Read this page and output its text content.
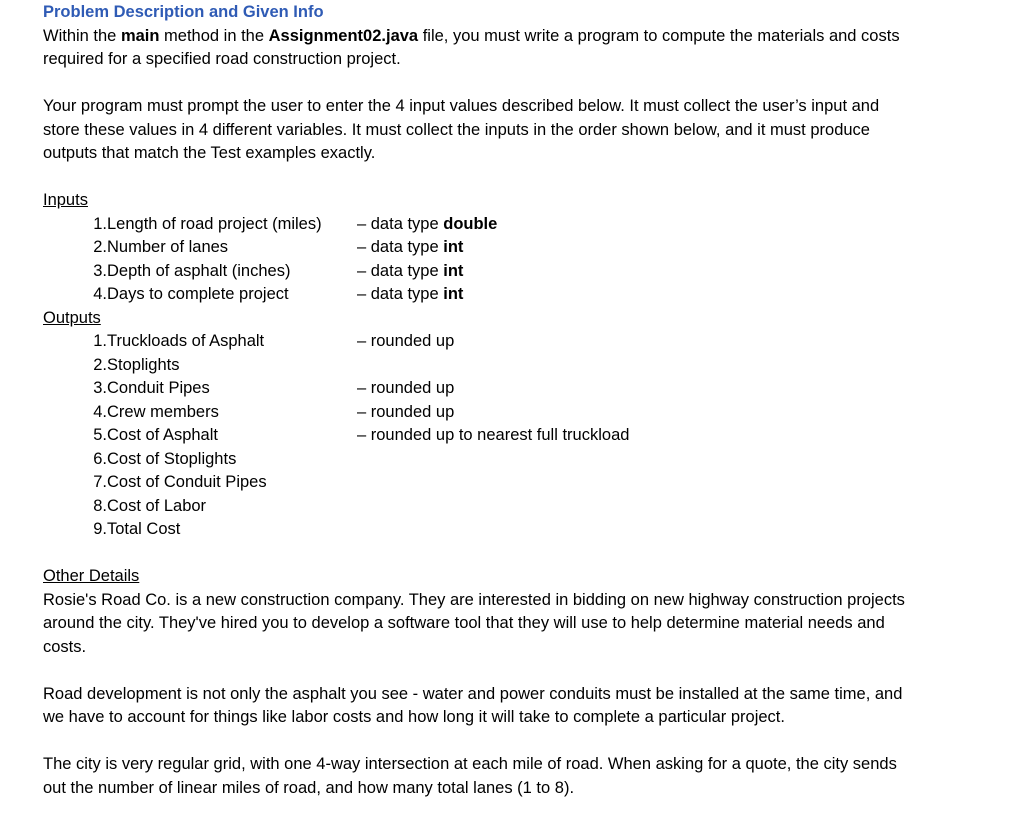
Problem Description and Given Info

Within the main method in the Assignment02.java file, you must write a program to compute the materials and costs

required for a specified road construction project.

Your program must prompt the user to enter the 4 input values described below. It must collect the user’s input and

store these values in 4 different variables. It must collect the inputs in the order shown below, and it must produce

outputs that match the Test examples exactly.

Inputs

1. Length of road project (miles) – data type double
2. Number of lanes	– data type int
3. Depth of asphalt (inches)	– data type int
4. Days to complete project	– data type int

Outputs

1. Truckloads of Asphalt	– rounded up
2. Stoplights
3. Conduit Pipes	– rounded up
4. Crew members	– rounded up
5. Cost of Asphalt	– rounded up to nearest full truckload
6. Cost of Stoplights
7. Cost of Conduit Pipes
8. Cost of Labor
9. Total Cost

Other Details

Rosie's Road Co. is a new construction company. They are interested in bidding on new highway construction projects

around the city. They've hired you to develop a software tool that they will use to help determine material needs and

costs.

Road development is not only the asphalt you see - water and power conduits must be installed at the same time, and

we have to account for things like labor costs and how long it will take to complete a particular project.

The city is very regular grid, with one 4-way intersection at each mile of road. When asking for a quote, the city sends

out the number of linear miles of road, and how many total lanes (1 to 8).
